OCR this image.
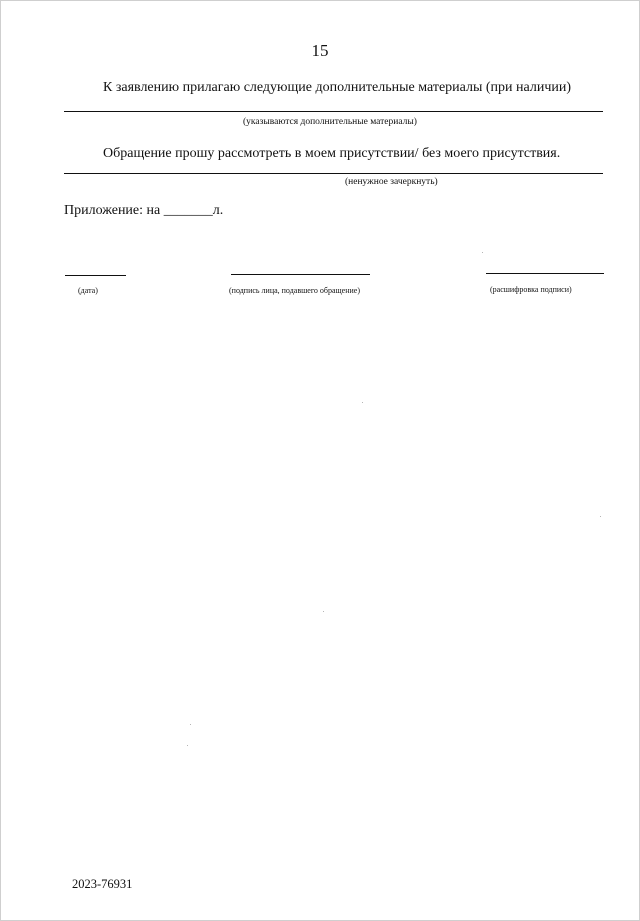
15
К заявлению прилагаю следующие дополнительные материалы (при наличии)
(указываются дополнительные материалы)
Обращение прошу рассмотреть в моем присутствии/ без моего присутствия.
(ненужное зачеркнуть)
Приложение: на _______л.
(дата)	(подпись лица, подавшего обращение)	(расшифровка подписи)
2023-76931
